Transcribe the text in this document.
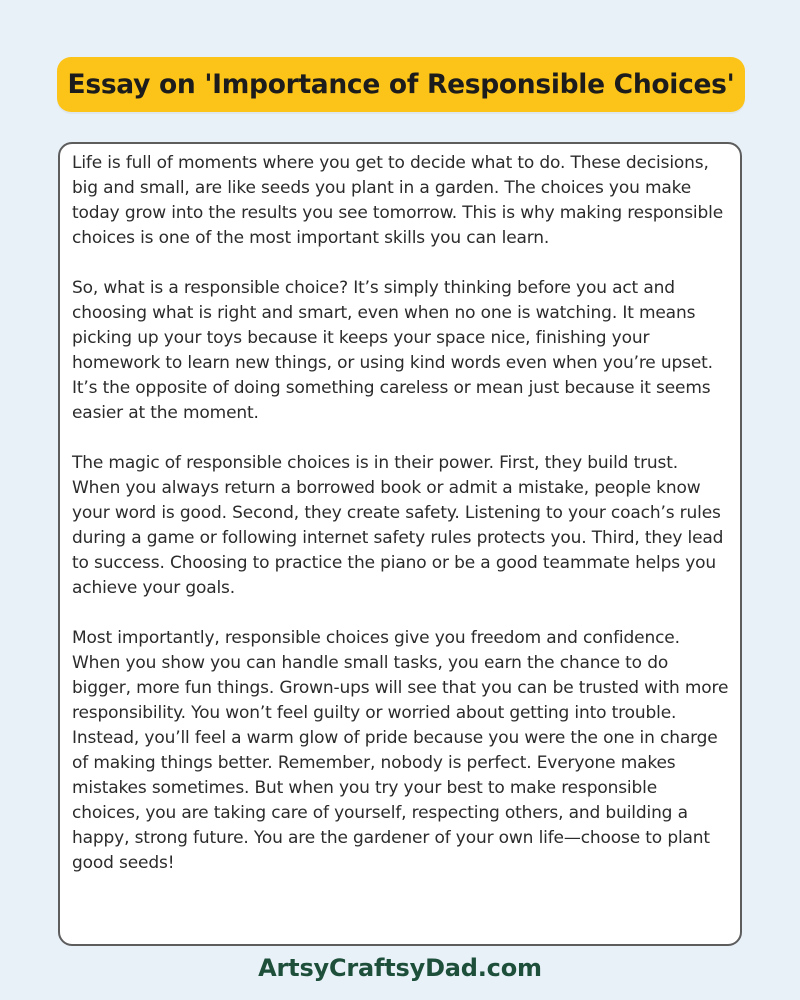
Essay on 'Importance of Responsible Choices'

Life is full of moments where you get to decide what to do. These decisions, big and small, are like seeds you plant in a garden. The choices you make today grow into the results you see tomorrow. This is why making responsible choices is one of the most important skills you can learn.

So, what is a responsible choice? It’s simply thinking before you act and choosing what is right and smart, even when no one is watching. It means picking up your toys because it keeps your space nice, finishing your homework to learn new things, or using kind words even when you’re upset. It’s the opposite of doing something careless or mean just because it seems easier at the moment.

The magic of responsible choices is in their power. First, they build trust. When you always return a borrowed book or admit a mistake, people know your word is good. Second, they create safety. Listening to your coach’s rules during a game or following internet safety rules protects you. Third, they lead to success. Choosing to practice the piano or be a good teammate helps you achieve your goals.

Most importantly, responsible choices give you freedom and confidence. When you show you can handle small tasks, you earn the chance to do bigger, more fun things. Grown-ups will see that you can be trusted with more responsibility. You won’t feel guilty or worried about getting into trouble. Instead, you’ll feel a warm glow of pride because you were the one in charge of making things better. Remember, nobody is perfect. Everyone makes mistakes sometimes. But when you try your best to make responsible choices, you are taking care of yourself, respecting others, and building a happy, strong future. You are the gardener of your own life—choose to plant good seeds!

ArtsyCraftsyDad.com
